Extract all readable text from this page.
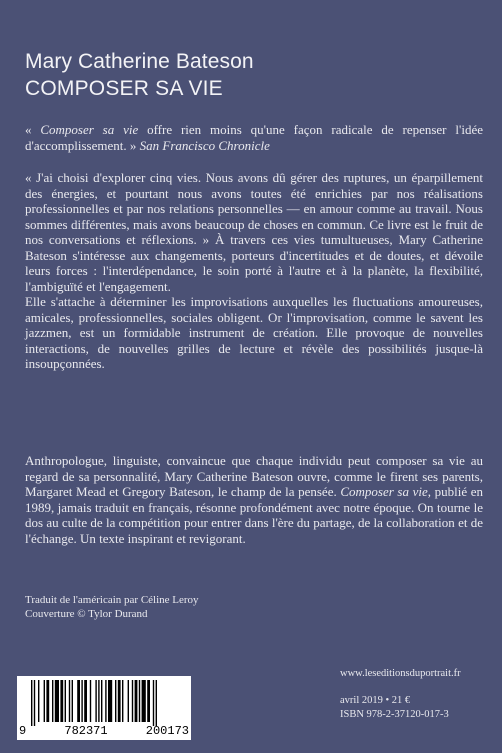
Mary Catherine Bateson
COMPOSER SA VIE

« Composer sa vie offre rien moins qu'une façon radicale de repenser l'idée d'accomplissement. » San Francisco Chronicle

« J'ai choisi d'explorer cinq vies. Nous avons dû gérer des ruptures, un éparpillement des énergies, et pourtant nous avons toutes été enrichies par nos réalisations professionnelles et par nos relations personnelles — en amour comme au travail. Nous sommes différentes, mais avons beaucoup de choses en commun. Ce livre est le fruit de nos conversations et réflexions. » À travers ces vies tumultueuses, Mary Catherine Bateson s'intéresse aux changements, porteurs d'incertitudes et de doutes, et dévoile leurs forces : l'interdépendance, le soin porté à l'autre et à la planète, la flexibilité, l'ambiguïté et l'engagement.

Elle s'attache à déterminer les improvisations auxquelles les fluctuations amoureuses, amicales, professionnelles, sociales obligent. Or l'improvisation, comme le savent les jazzmen, est un formidable instrument de création. Elle provoque de nouvelles interactions, de nouvelles grilles de lecture et révèle des possibilités jusque-là insoupçonnées.

Anthropologue, linguiste, convaincue que chaque individu peut composer sa vie au regard de sa personnalité, Mary Catherine Bateson ouvre, comme le firent ses parents, Margaret Mead et Gregory Bateson, le champ de la pensée. Composer sa vie, publié en 1989, jamais traduit en français, résonne profondément avec notre époque. On tourne le dos au culte de la compétition pour entrer dans l'ère du partage, de la collaboration et de l'échange. Un texte inspirant et revigorant.

Traduit de l'américain par Céline Leroy
Couverture © Tylor Durand
9	782371	200173
www.leseditionsduportrait.fr
avril 2019 • 21 €
ISBN 978-2-37120-017-3
